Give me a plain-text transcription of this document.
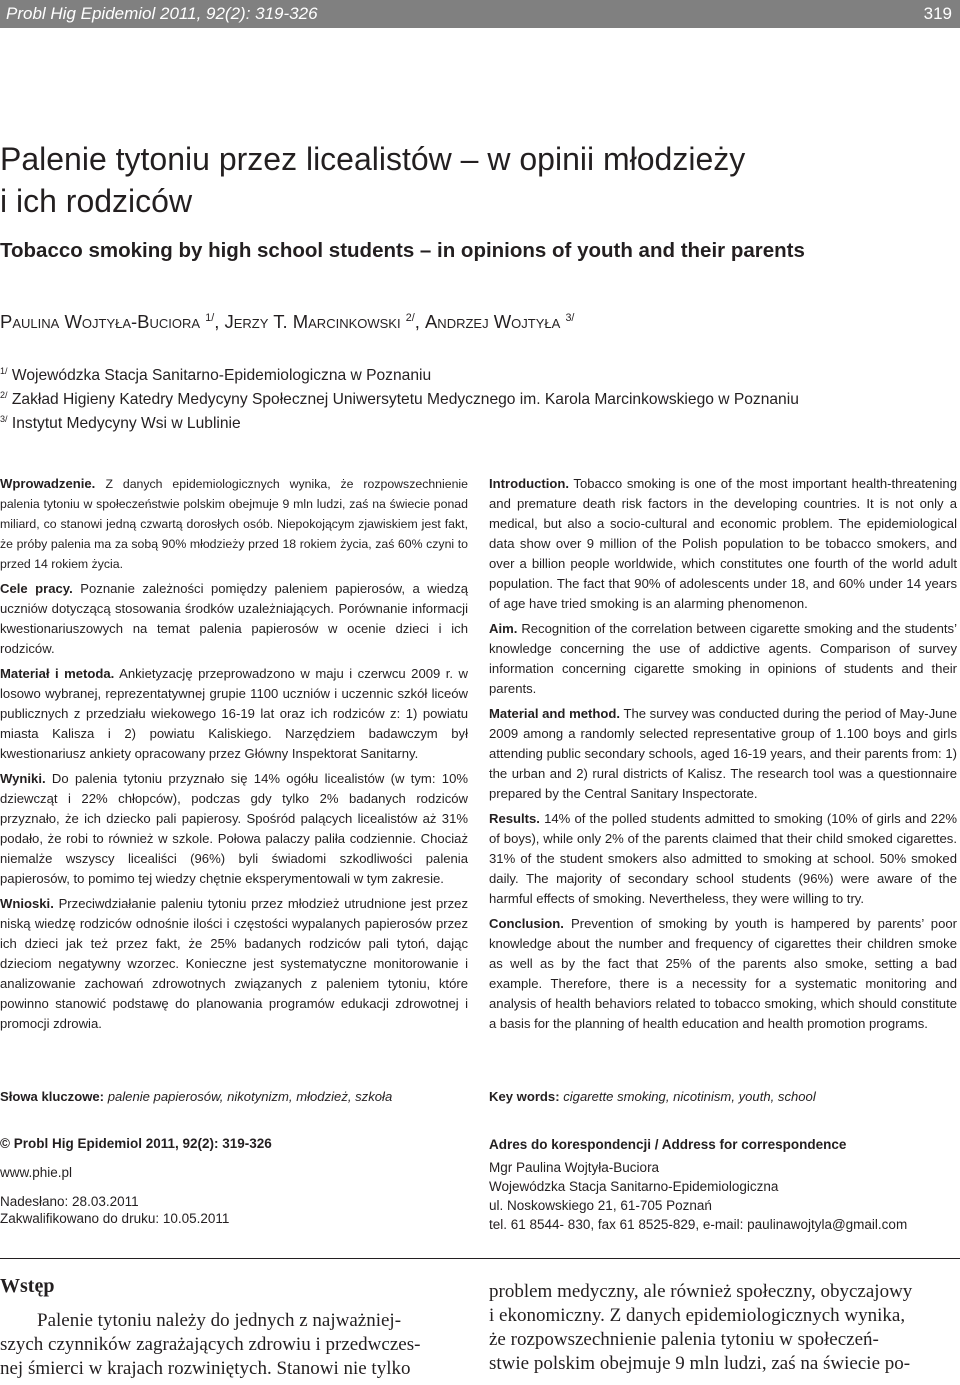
Probl Hig Epidemiol 2011, 92(2): 319-326	319
Palenie tytoniu przez licealistów – w opinii młodzieży
i ich rodziców
Tobacco smoking by high school students – in opinions of youth and their parents
Paulina Wojtyła-Buciora $^{1/}$, Jerzy T. Marcinkowski $^{2/}$, Andrzej Wojtyła $^{3/}$
$^{1/}$ Wojewódzka Stacja Sanitarno-Epidemiologiczna w Poznaniu
$^{2/}$ Zakład Higieny Katedry Medycyny Społecznej Uniwersytetu Medycznego im. Karola Marcinkowskiego w Poznaniu
$^{3/}$ Instytut Medycyny Wsi w Lublinie

Wprowadzenie. Z danych epidemiologicznych wynika, że rozpowszechnienie palenia tytoniu w społeczeństwie polskim obejmuje 9 mln ludzi, zaś na świecie ponad miliard, co stanowi jedną czwartą dorosłych osób. Niepokojącym zjawiskiem jest fakt, że próby palenia ma za sobą 90% młodzieży przed 18 rokiem życia, zaś 60% czyni to przed 14 rokiem życia.

Cele pracy. Poznanie zależności pomiędzy paleniem papierosów, a wiedzą uczniów dotyczącą stosowania środków uzależniających. Porównanie informacji kwestionariuszowych na temat palenia papierosów w ocenie dzieci i ich rodziców.

Materiał i metoda. Ankietyzację przeprowadzono w maju i czerwcu 2009 r. w losowo wybranej, reprezentatywnej grupie 1100 uczniów i uczennic szkół liceów publicznych z przedziału wiekowego 16-19 lat oraz ich rodziców z: 1) powiatu miasta Kalisza i 2) powiatu Kaliskiego. Narzędziem badawczym był kwestionariusz ankiety opracowany przez Główny Inspektorat Sanitarny.

Wyniki. Do palenia tytoniu przyznało się 14% ogółu licealistów (w tym: 10% dziewcząt i 22% chłopców), podczas gdy tylko 2% badanych rodziców przyznało, że ich dziecko pali papierosy. Spośród palących licealistów aż 31% podało, że robi to również w szkole. Połowa palaczy paliła codziennie. Chociaż niemalże wszyscy licealiści (96%) byli świadomi szkodliwości palenia papierosów, to pomimo tej wiedzy chętnie eksperymentowali w tym zakresie.

Wnioski. Przeciwdziałanie paleniu tytoniu przez młodzież utrudnione jest przez niską wiedzę rodziców odnośnie ilości i częstości wypalanych papierosów przez ich dzieci jak też przez fakt, że 25% badanych rodziców pali tytoń, dając dzieciom negatywny wzorzec. Konieczne jest systematyczne monitorowanie i analizowanie zachowań zdrowotnych związanych z paleniem tytoniu, które powinno stanowić podstawę do planowania programów edukacji zdrowotnej i promocji zdrowia.

Introduction. Tobacco smoking is one of the most important health-threatening and premature death risk factors in the developing countries. It is not only a medical, but also a socio-cultural and economic problem. The epidemiological data show over 9 million of the Polish population to be tobacco smokers, and over a billion people worldwide, which constitutes one fourth of the world adult population. The fact that 90% of adolescents under 18, and 60% under 14 years of age have tried smoking is an alarming phenomenon.

Aim. Recognition of the correlation between cigarette smoking and the students’ knowledge concerning the use of addictive agents. Comparison of survey information concerning cigarette smoking in opinions of students and their parents.

Material and method. The survey was conducted during the period of May-June 2009 among a randomly selected representative group of 1.100 boys and girls attending public secondary schools, aged 16-19 years, and their parents from: 1) the urban and 2) rural districts of Kalisz. The research tool was a questionnaire prepared by the Central Sanitary Inspectorate.

Results. 14% of the polled students admitted to smoking (10% of girls and 22% of boys), while only 2% of the parents claimed that their child smoked cigarettes. 31% of the student smokers also admitted to smoking at school. 50% smoked daily. The majority of secondary school students (96%) were aware of the harmful effects of smoking. Nevertheless, they were willing to try.

Conclusion. Prevention of smoking by youth is hampered by parents’ poor knowledge about the number and frequency of cigarettes their children smoke as well as by the fact that 25% of the parents also smoke, setting a bad example. Therefore, there is a necessity for a systematic monitoring and analysis of health behaviors related to tobacco smoking, which should constitute a basis for the planning of health education and health promotion programs.

Słowa kluczowe: palenie papierosów, nikotynizm, młodzież, szkoła	Key words: cigarette smoking, nicotinism, youth, school
© Probl Hig Epidemiol 2011, 92(2): 319-326
www.phie.pl
Nadesłano: 28.03.2011
Zakwalifikowano do druku: 10.05.2011
Adres do korespondencji / Address for correspondence
Mgr Paulina Wojtyła-Buciora
Wojewódzka Stacja Sanitarno-Epidemiologiczna
ul. Noskowskiego 21, 61-705 Poznań
tel. 61 8544- 830, fax 61 8525-829, e-mail: paulinawojtyla@gmail.com
Wstęp
Palenie tytoniu należy do jednych z najważniej-
szych czynników zagrażających zdrowiu i przedwczes-
nej śmierci w krajach rozwiniętych. Stanowi nie tylko
problem medyczny, ale również społeczny, obyczajowy
i ekonomiczny. Z danych epidemiologicznych wynika,
że rozpowszechnienie palenia tytoniu w społeczeń-
stwie polskim obejmuje 9 mln ludzi, zaś na świecie po-
